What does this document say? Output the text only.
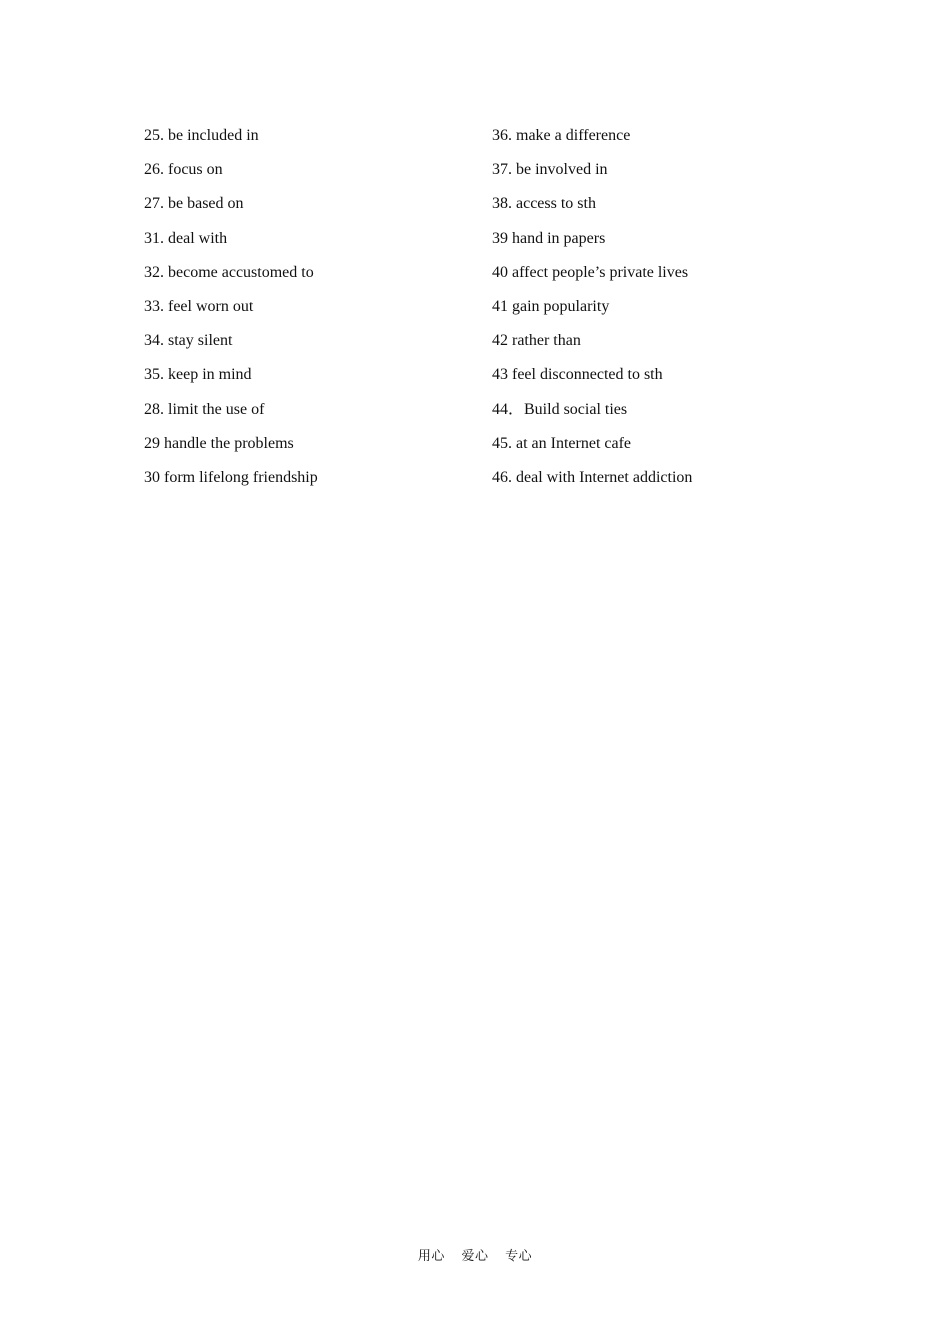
25. be included in	36. make a difference
26. focus on	37. be involved in
27. be based on	38. access to sth
31. deal with	39 hand in papers
32. become accustomed to	40 affect people’s private lives
33. feel worn out	41 gain popularity
34. stay silent	42 rather than
35. keep in mind	43 feel disconnected to sth
28. limit the use of	44．Build social ties
29 handle the problems	45. at an Internet cafe
30 form lifelong friendship	46. deal with Internet addiction
用心 爱心 专心
